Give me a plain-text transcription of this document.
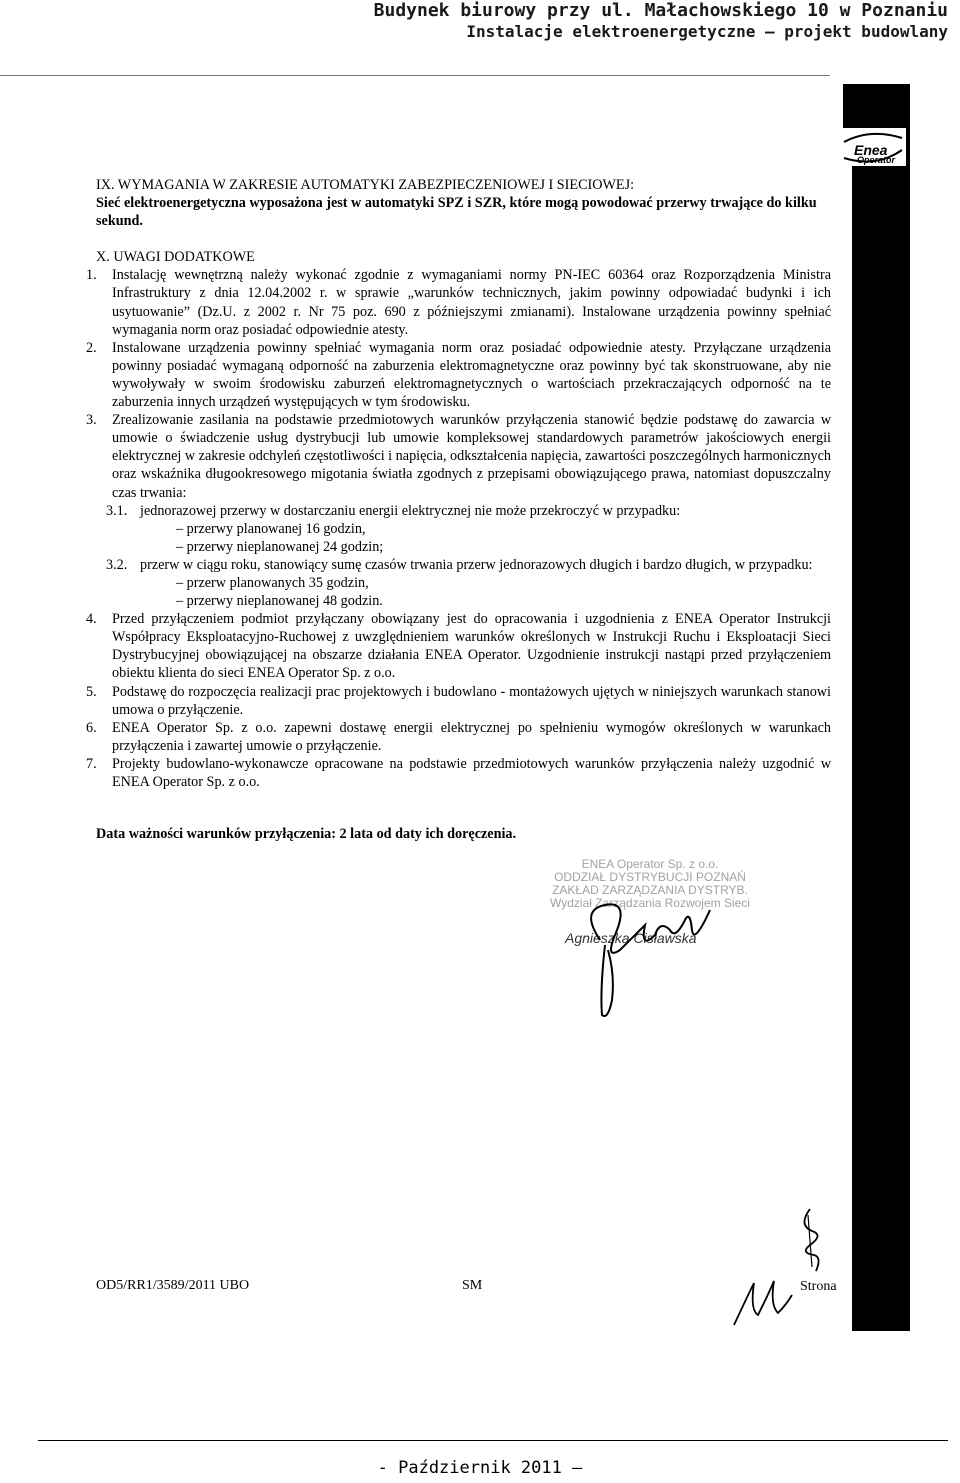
Budynek biurowy przy ul. Małachowskiego 10 w Poznaniu
Instalacje elektroenergetyczne – projekt budowlany
Enea
Operator

IX. WYMAGANIA W ZAKRESIE AUTOMATYKI ZABEZPIECZENIOWEJ I SIECIOWEJ:

Sieć elektroenergetyczna wyposażona jest w automatyki SPZ i SZR, które mogą powodować przerwy trwające do kilku sekund.

X. UWAGI DODATKOWE

1. Instalację wewnętrzną należy wykonać zgodnie z wymaganiami normy PN-IEC 60364 oraz Rozporządzenia Ministra Infrastruktury z dnia 12.04.2002 r. w sprawie „warunków technicznych, jakim powinny odpowiadać budynki i ich usytuowanie” (Dz.U. z 2002 r. Nr 75 poz. 690 z późniejszymi zmianami). Instalowane urządzenia powinny spełniać wymagania norm oraz posiadać odpowiednie atesty.
2. Instalowane urządzenia powinny spełniać wymagania norm oraz posiadać odpowiednie atesty. Przyłączane urządzenia powinny posiadać wymaganą odporność na zaburzenia elektromagnetyczne oraz powinny być tak skonstruowane, aby nie wywoływały w swoim środowisku zaburzeń elektromagnetycznych o wartościach przekraczających odporność na te zaburzenia innych urządzeń występujących w tym środowisku.
3. Zrealizowanie zasilania na podstawie przedmiotowych warunków przyłączenia stanowić będzie podstawę do zawarcia w umowie o świadczenie usług dystrybucji lub umowie kompleksowej standardowych parametrów jakościowych energii elektrycznej w zakresie odchyleń częstotliwości i napięcia, odkształcenia napięcia, zawartości poszczególnych harmonicznych oraz wskaźnika długookresowego migotania światła zgodnych z przepisami obowiązującego prawa, natomiast dopuszczalny czas trwania:
3.1. jednorazowej przerwy w dostarczaniu energii elektrycznej nie może przekroczyć w przypadku:
– przerwy planowanej 16 godzin,
– przerwy nieplanowanej 24 godzin;
3.2. przerw w ciągu roku, stanowiący sumę czasów trwania przerw jednorazowych długich i bardzo długich, w przypadku:
– przerw planowanych 35 godzin,
– przerwy nieplanowanej 48 godzin.
4. Przed przyłączeniem podmiot przyłączany obowiązany jest do opracowania i uzgodnienia z ENEA Operator Instrukcji Współpracy Eksploatacyjno-Ruchowej z uwzględnieniem warunków określonych w Instrukcji Ruchu i Eksploatacji Sieci Dystrybucyjnej obowiązującej na obszarze działania ENEA Operator. Uzgodnienie instrukcji nastąpi przed przyłączeniem obiektu klienta do sieci ENEA Operator Sp. z o.o.
5. Podstawę do rozpoczęcia realizacji prac projektowych i budowlano - montażowych ujętych w niniejszych warunkach stanowi umowa o przyłączenie.
6. ENEA Operator Sp. z o.o. zapewni dostawę energii elektrycznej po spełnieniu wymogów określonych w warunkach przyłączenia i zawartej umowie o przyłączenie.
7. Projekty budowlano-wykonawcze opracowane na podstawie przedmiotowych warunków przyłączenia należy uzgodnić w ENEA Operator Sp. z o.o.

Data ważności warunków przyłączenia: 2 lata od daty ich doręczenia.

ENEA Operator Sp. z o.o.
ODDZIAŁ DYSTRYBUCJI POZNAŃ
ZAKŁAD ZARZĄDZANIA DYSTRYB.
Wydział Zarządzania Rozwojem Sieci
Agnieszka Cisławska
OD5/RR1/3589/2011 UBO	SM	Strona
- Październik 2011 –
